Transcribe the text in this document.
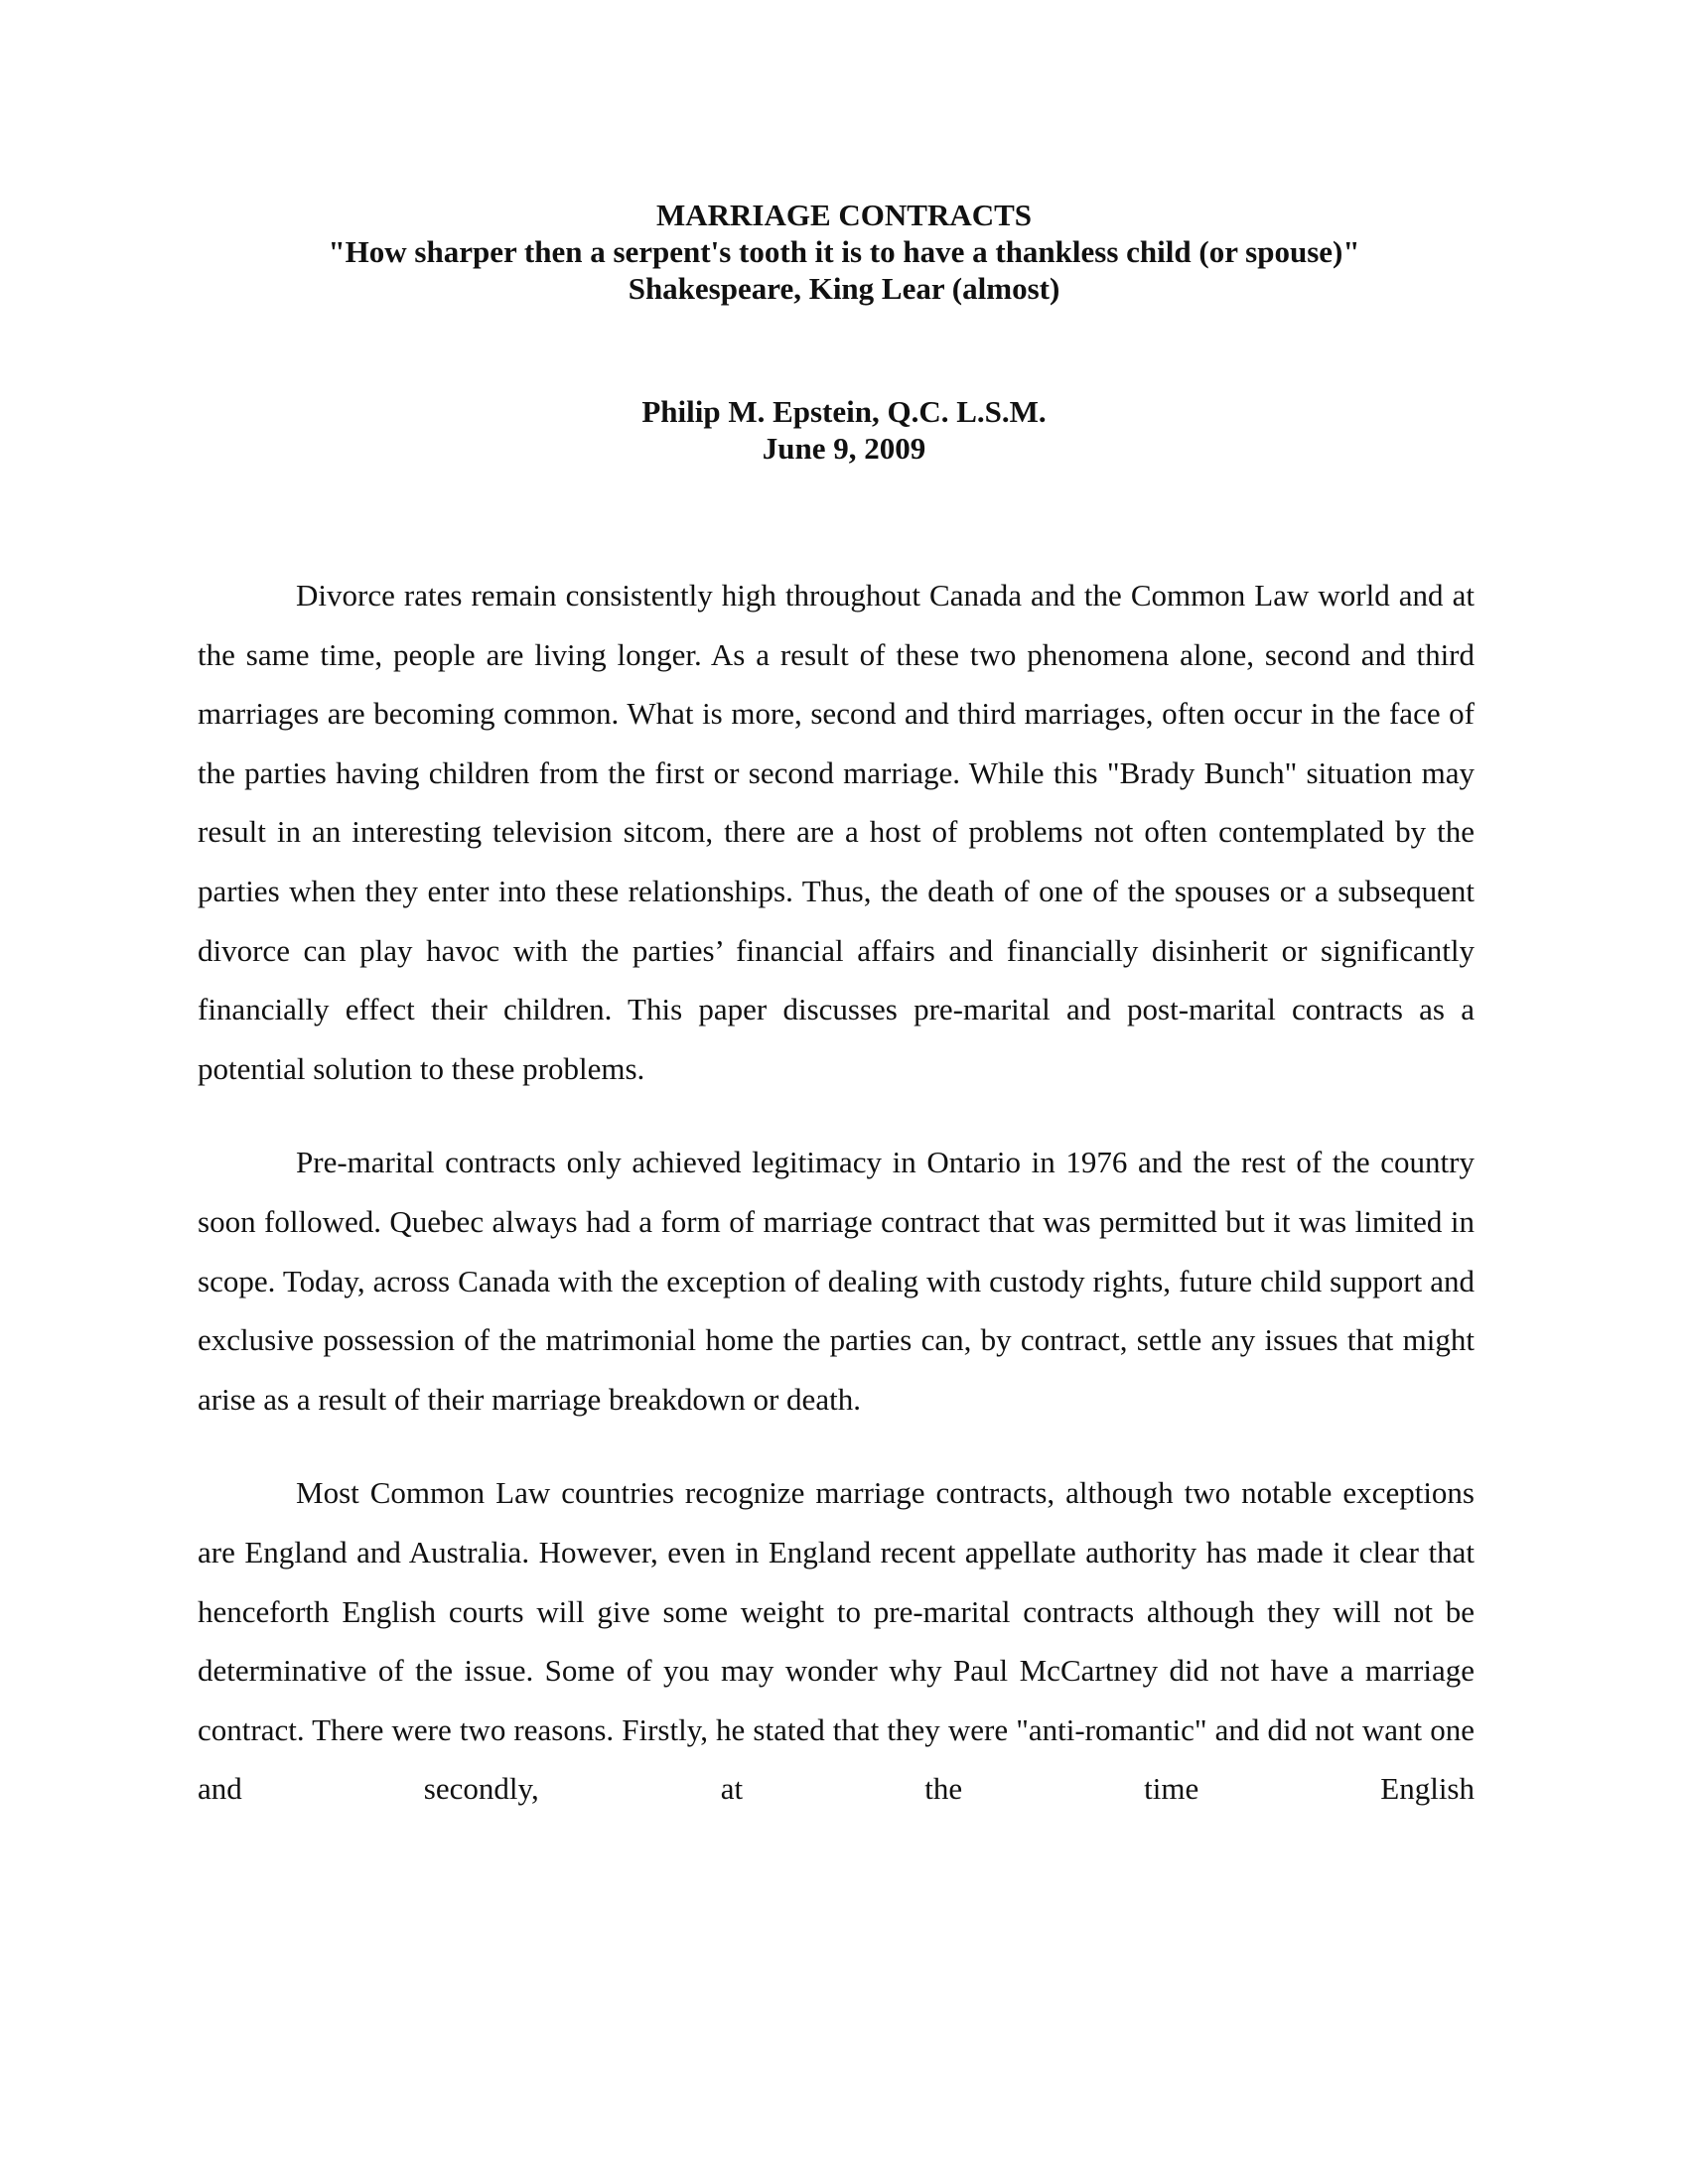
MARRIAGE CONTRACTS
"How sharper then a serpent's tooth it is to have a thankless child (or spouse)"
Shakespeare, King Lear (almost)
Philip M. Epstein, Q.C. L.S.M.
June 9, 2009

Divorce rates remain consistently high throughout Canada and the Common Law world and at the same time, people are living longer. As a result of these two phenomena alone, second and third marriages are becoming common. What is more, second and third marriages, often occur in the face of the parties having children from the first or second marriage. While this "Brady Bunch" situation may result in an interesting television sitcom, there are a host of problems not often contemplated by the parties when they enter into these relationships. Thus, the death of one of the spouses or a subsequent divorce can play havoc with the parties’ financial affairs and financially disinherit or significantly financially effect their children. This paper discusses pre-marital and post-marital contracts as a potential solution to these problems.

Pre-marital contracts only achieved legitimacy in Ontario in 1976 and the rest of the country soon followed. Quebec always had a form of marriage contract that was permitted but it was limited in scope. Today, across Canada with the exception of dealing with custody rights, future child support and exclusive possession of the matrimonial home the parties can, by contract, settle any issues that might arise as a result of their marriage breakdown or death.

Most Common Law countries recognize marriage contracts, although two notable exceptions are England and Australia. However, even in England recent appellate authority has made it clear that henceforth English courts will give some weight to pre-marital contracts although they will not be determinative of the issue. Some of you may wonder why Paul McCartney did not have a marriage contract. There were two reasons. Firstly, he stated that they were "anti-romantic" and did not want one and secondly, at the time English
